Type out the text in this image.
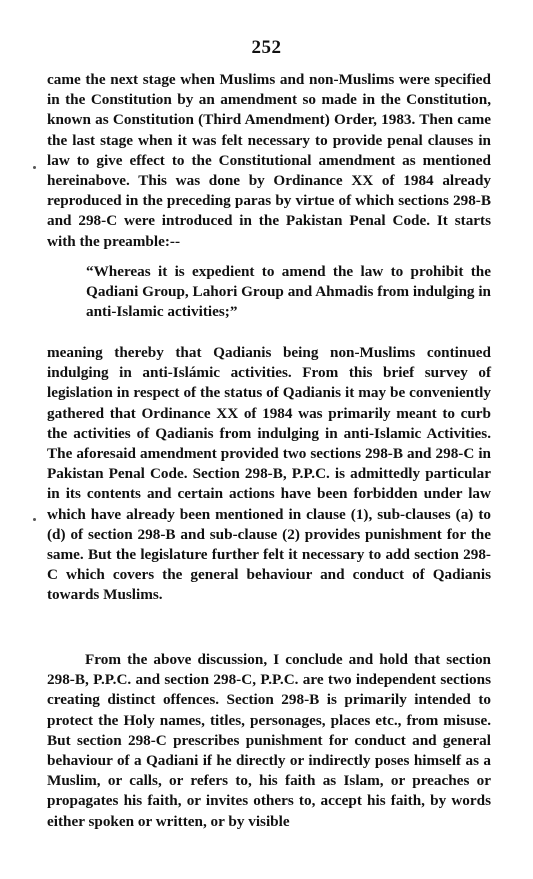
252
came the next stage when Muslims and non-Muslims were specified in the Constitution by an amendment so made in the Constitution, known as Constitution (Third Amendment) Order, 1983. Then came the last stage when it was felt necessary to provide penal clauses in law to give effect to the Constitutional amendment as mentioned hereinabove. This was done by Ordinance XX of 1984 already reproduced in the preceding paras by virtue of which sections 298-B and 298-C were introduced in the Pakistan Penal Code. It starts with the preamble:--
“Whereas it is expedient to amend the law to prohibit the Qadiani Group, Lahori Group and Ahmadis from indulging in anti-Islamic activities;”
meaning thereby that Qadianis being non-Muslims continued indulging in anti-Islámic activities. From this brief survey of legislation in respect of the status of Qadianis it may be conveniently gathered that Ordinance XX of 1984 was primarily meant to curb the activities of Qadianis from indulging in anti-Islamic Activities. The aforesaid amendment provided two sections 298-B and 298-C in Pakistan Penal Code. Section 298-B, P.P.C. is admittedly particular in its contents and certain actions have been forbidden under law which have already been mentioned in clause (1), sub-clauses (a) to (d) of section 298-B and sub-clause (2) provides punishment for the same. But the legislature further felt it necessary to add section 298-C which covers the general behaviour and conduct of Qadianis towards Muslims.
From the above discussion, I conclude and hold that section 298-B, P.P.C. and section 298-C, P.P.C. are two independent sections creating distinct offences. Section 298-B is primarily intended to protect the Holy names, titles, personages, places etc., from misuse. But section 298-C prescribes punishment for conduct and general behaviour of a Qadiani if he directly or indirectly poses himself as a Muslim, or calls, or refers to, his faith as Islam, or preaches or propagates his faith, or invites others to, accept his faith, by words either spoken or written, or by visible
